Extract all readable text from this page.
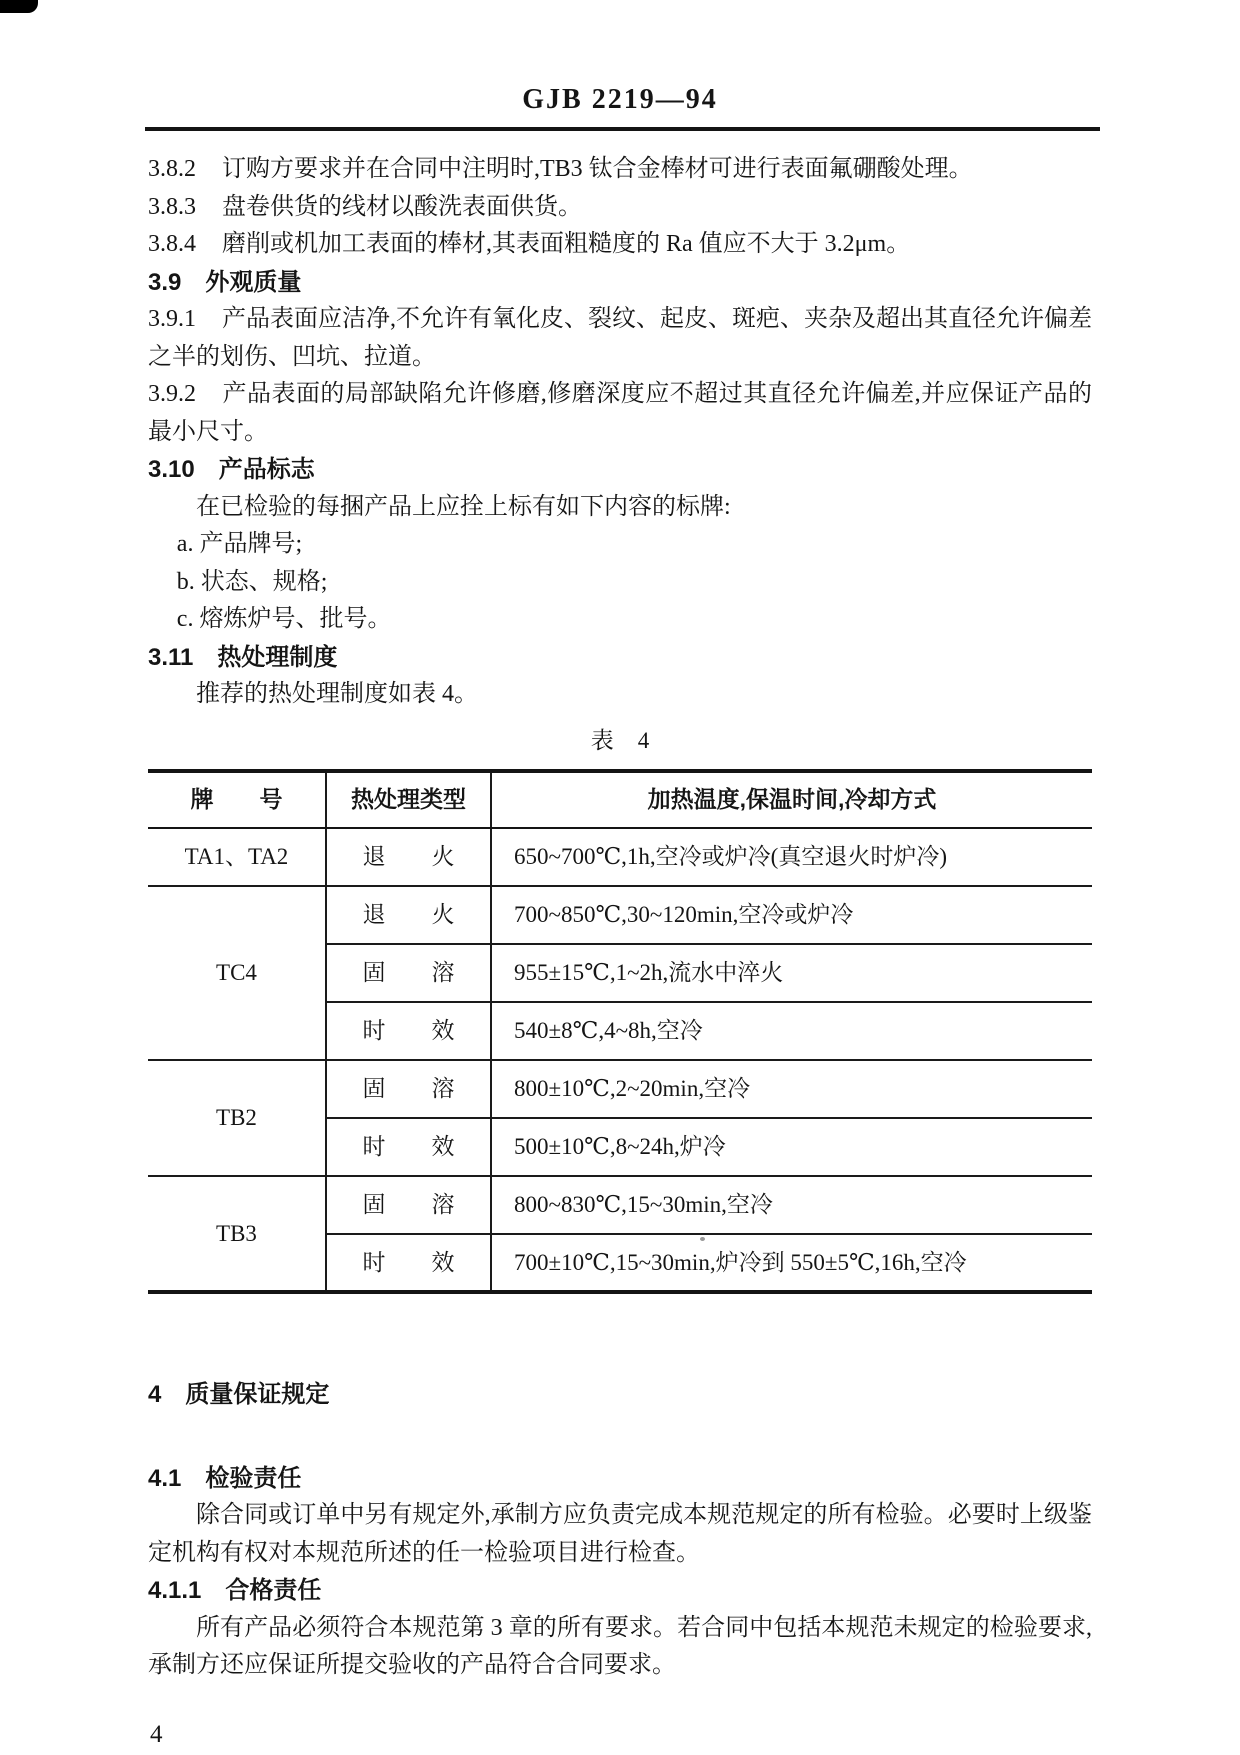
GJB 2219—94

3.8.2 订购方要求并在合同中注明时,TB3 钛合金棒材可进行表面氟硼酸处理。

3.8.3 盘卷供货的线材以酸洗表面供货。

3.8.4 磨削或机加工表面的棒材,其表面粗糙度的 Ra 值应不大于 3.2μm。

3.9 外观质量

3.9.1 产品表面应洁净,不允许有氧化皮、裂纹、起皮、斑疤、夹杂及超出其直径允许偏差之半的划伤、凹坑、拉道。

3.9.2 产品表面的局部缺陷允许修磨,修磨深度应不超过其直径允许偏差,并应保证产品的最小尺寸。

3.10 产品标志

在已检验的每捆产品上应拴上标有如下内容的标牌:

a. 产品牌号;

b. 状态、规格;

c. 熔炼炉号、批号。

3.11 热处理制度

推荐的热处理制度如表 4。

表 4
牌　　号	热处理类型	加热温度,保温时间,冷却方式
TA1、TA2	退　　火	650~700℃,1h,空冷或炉冷(真空退火时炉冷)
TC4	退　　火	700~850℃,30~120min,空冷或炉冷
	固　　溶	955±15℃,1~2h,流水中淬火
	时　　效	540±8℃,4~8h,空冷
TB2	固　　溶	800±10℃,2~20min,空冷
	时　　效	500±10℃,8~24h,炉冷
TB3	固　　溶	800~830℃,15~30min,空冷
	时　　效	700±10℃,15~30min,炉冷到 550±5℃,16h,空冷

4 质量保证规定

4.1 检验责任

除合同或订单中另有规定外,承制方应负责完成本规范规定的所有检验。必要时上级鉴定机构有权对本规范所述的任一检验项目进行检查。

4.1.1 合格责任

所有产品必须符合本规范第 3 章的所有要求。若合同中包括本规范未规定的检验要求,承制方还应保证所提交验收的产品符合合同要求。

4
